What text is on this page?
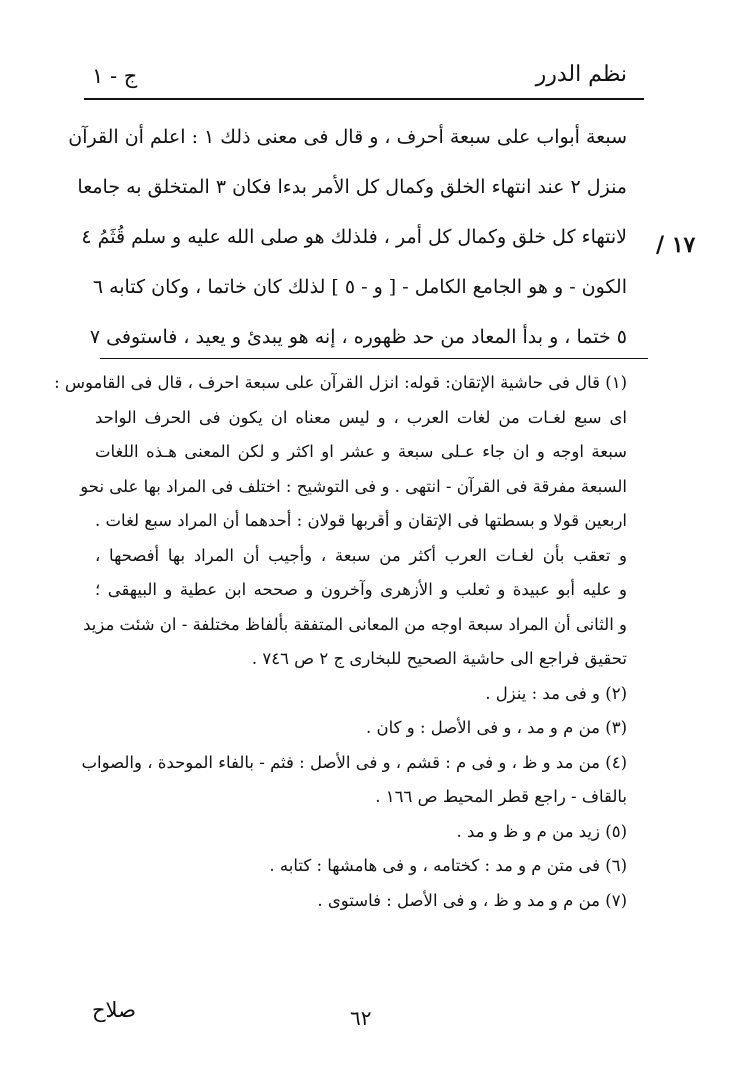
نظم الدرر
ج - ١
١٧ /
سبعة أبواب على سبعة أحرف ، و قال فى معنى ذلك ١ : اعلم أن القرآن
منزل ٢ عند انتهاء الخلق وكمال كل الأمر بدءا فكان ٣ المتخلق به جامعا
لانتهاء كل خلق وكمال كل أمر ، فلذلك هو صلى الله عليه و سلم قُثَمُ ٤
الكون - و هو الجامع الكامل - [ و - ٥ ] لذلك كان خاتما ، وكان كتابه ٦
٥ ختما ، و بدأ المعاد من حد ظهوره ، إنه هو يبدئ و يعيد ، فاستوفى ٧
(١) قال فى حاشية الإتقان: قوله: انزل القرآن على سبعة احرف ، قال فى القاموس :
اى سبع لغـات من لغات العرب ، و ليس معناه ان يكون فى الحرف الواحد
سبعة اوجه و ان جاء عـلى سبعة و عشر او اكثر و لكن المعنى هـذه اللغات
السبعة مفرقة فى القرآن - انتهى . و فى التوشيح : اختلف فى المراد بها على نحو
اربعين قولا و بسطتها فى الإتقان و أقربها قولان : أحدهما أن المراد سبع لغات .
و تعقب بأن لغـات العرب أكثر من سبعة ، وأجيب أن المراد بها أفصحها ،
و عليه أبو عبيدة و ثعلب و الأزهرى وآخرون و صححه ابن عطية و البيهقى ؛
و الثانى أن المراد سبعة اوجه من المعانى المتفقة بألفاظ مختلفة - ان شئت مزيد
تحقيق فراجع الى حاشية الصحيح للبخارى ج ٢ ص ٧٤٦ .
(٢) و فى مد : ينزل .
(٣) من م و مد ، و فى الأصل : و كان .
(٤) من مد و ظ ، و فى م : قشم ، و فى الأصل : فثم - بالفاء الموحدة ، والصواب
بالقاف - راجع قطر المحيط ص ١٦٦ .
(٥) زيد من م و ظ و مد .
(٦) فى متن م و مد : كختامه ، و فى هامشها : كتابه .
(٧) من م و مد و ظ ، و فى الأصل : فاستوى .
٦٢
صلاح
